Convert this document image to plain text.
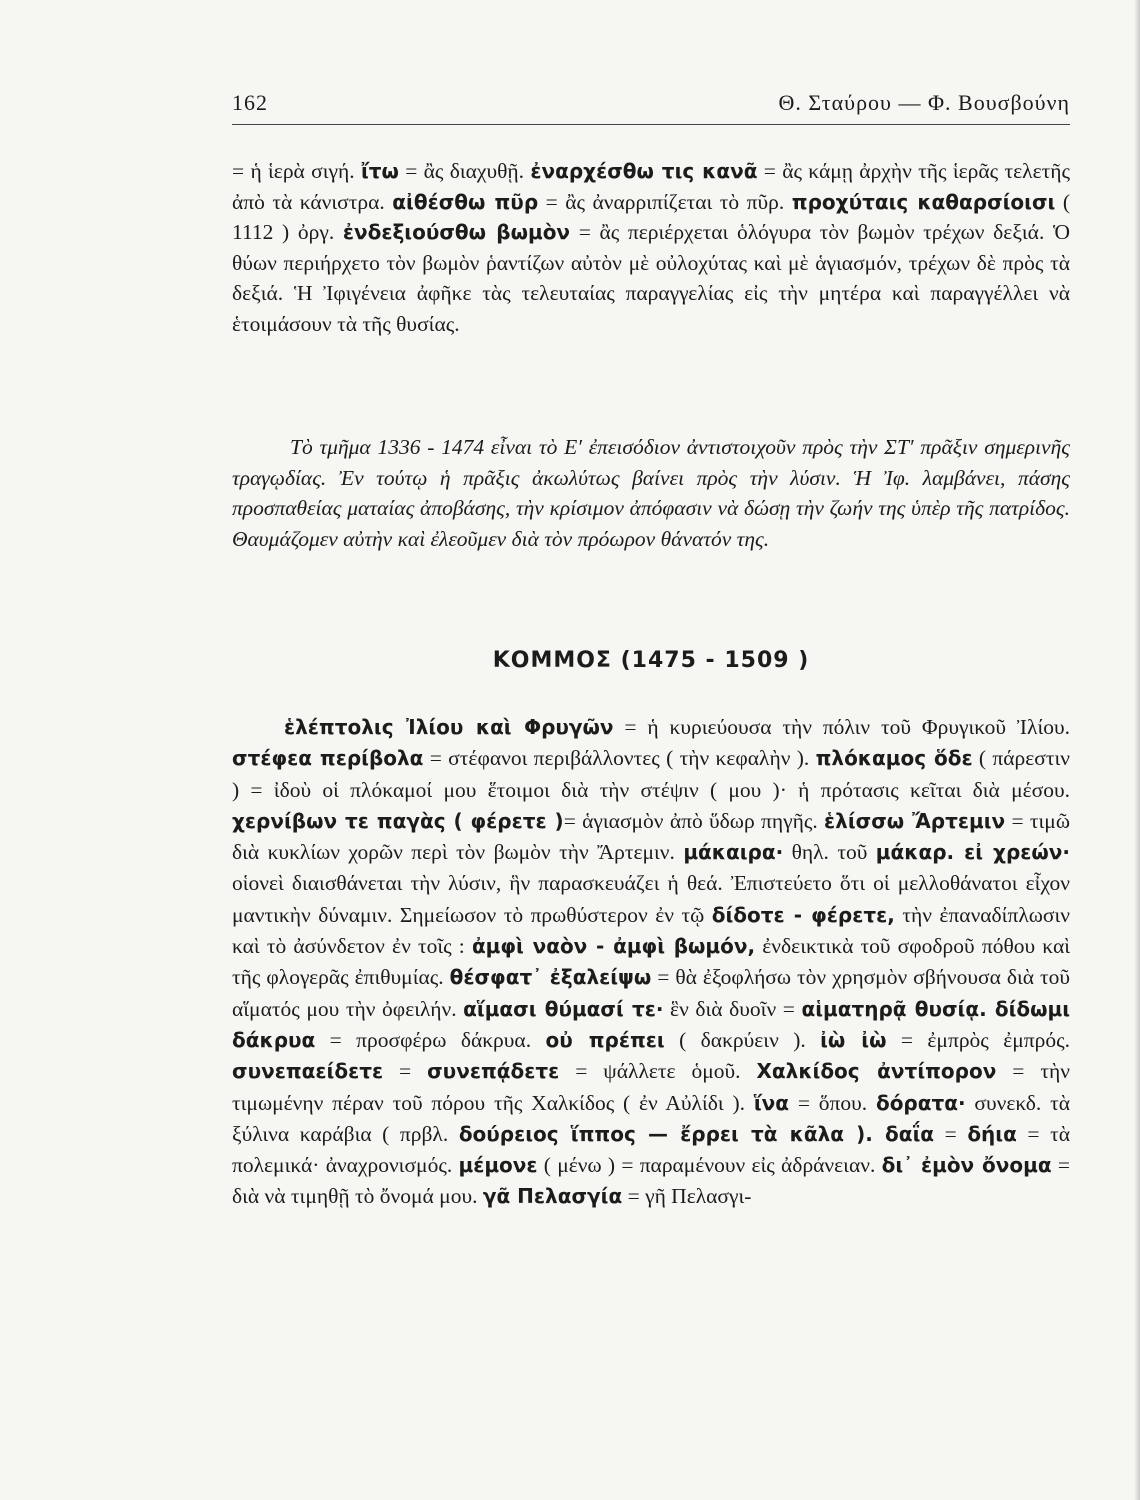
162	Θ. Σταύρου — Φ. Βουσβούνη

= ἡ ἱερὰ σιγή. ἴτω = ἂς διαχυθῇ. ἐναρχέσθω τις κανᾶ = ἂς κάμῃ ἀρχὴν τῆς ἱερᾶς τελετῆς ἀπὸ τὰ κάνιστρα. αἰθέσθω πῦρ = ἂς ἀναρριπίζεται τὸ πῦρ. προχύταις καθαρσίοισι ( 1112 ) ὀργ. ἐνδεξιούσθω βωμὸν = ἂς περιέρχεται ὁλόγυρα τὸν βωμὸν τρέχων δεξιά. Ὁ θύων περιήρχετο τὸν βωμὸν ῥαντίζων αὐτὸν μὲ οὐλοχύτας καὶ μὲ ἁγιασμόν, τρέχων δὲ πρὸς τὰ δεξιά. Ἡ Ἰφιγένεια ἀφῆκε τὰς τελευταίας παραγγελίας εἰς τὴν μητέρα καὶ παραγγέλλει νὰ ἑτοιμάσουν τὰ τῆς θυσίας.

Τὸ τμῆμα 1336 - 1474 εἶναι τὸ Ε′ ἐπεισόδιον ἀντιστοιχοῦν πρὸς τὴν ΣΤ′ πρᾶξιν σημερινῆς τραγῳδίας. Ἐν τούτῳ ἡ πρᾶξις ἀκωλύτως βαίνει πρὸς τὴν λύσιν. Ἡ Ἰφ. λαμβάνει, πάσης προσπαθείας ματαίας ἀποβάσης, τὴν κρίσιμον ἀπόφασιν νὰ δώσῃ τὴν ζωήν της ὑπὲρ τῆς πατρίδος. Θαυμάζομεν αὐτὴν καὶ ἐλεοῦμεν διὰ τὸν πρόωρον θάνατόν της.

ΚΟΜΜΟΣ (1475 - 1509 )

ἑλέπτολις Ἰλίου καὶ Φρυγῶν = ἡ κυριεύουσα τὴν πόλιν τοῦ Φρυγικοῦ Ἰλίου. στέφεα περίβολα = στέφανοι περιβάλλοντες ( τὴν κεφαλὴν ). πλόκαμος ὅδε ( πάρεστιν ) = ἰδοὺ οἱ πλόκαμοί μου ἕτοιμοι διὰ τὴν στέψιν ( μου )· ἡ πρότασις κεῖται διὰ μέσου. χερνίβων τε παγὰς ( φέρετε )= ἁγιασμὸν ἀπὸ ὕδωρ πηγῆς. ἑλίσσω Ἄρτεμιν = τιμῶ διὰ κυκλίων χορῶν περὶ τὸν βωμὸν τὴν Ἄρτεμιν. μάκαιρα· θηλ. τοῦ μάκαρ. εἰ χρεών· οἱονεὶ διαισθάνεται τὴν λύσιν, ἣν παρασκευάζει ἡ θεά. Ἐπιστεύετο ὅτι οἱ μελλοθάνατοι εἶχον μαντικὴν δύναμιν. Σημείωσον τὸ πρωθύστερον ἐν τῷ δίδοτε - φέρετε, τὴν ἐπαναδίπλωσιν καὶ τὸ ἀσύνδετον ἐν τοῖς : ἀμφὶ ναὸν - ἀμφὶ βωμόν, ἐνδεικτικὰ τοῦ σφοδροῦ πόθου καὶ τῆς φλογερᾶς ἐπιθυμίας. θέσφατ᾽ ἐξαλείψω = θὰ ἐξοφλήσω τὸν χρησμὸν σβήνουσα διὰ τοῦ αἵματός μου τὴν ὀφειλήν. αἵμασι θύμασί τε· ἓν διὰ δυοῖν = αἱματηρᾷ θυσίᾳ. δίδωμι δάκρυα = προσφέρω δάκρυα. οὐ πρέπει ( δακρύειν ). ἰὼ ἰὼ = ἐμπρὸς ἐμπρός. συνεπαείδετε = συνεπᾴδετε = ψάλλετε ὁμοῦ. Χαλκίδος ἀντίπορον = τὴν τιμωμένην πέραν τοῦ πόρου τῆς Χαλκίδος ( ἐν Αὐλίδι ). ἵνα = ὅπου. δόρατα· συνεκδ. τὰ ξύλινα καράβια ( πρβλ. δούρειος ἵππος — ἔρρει τὰ κᾶλα ). δαΐα = δήια = τὰ πολεμικά· ἀναχρονισμός. μέμονε ( μένω ) = παραμένουν εἰς ἀδράνειαν. δι᾽ ἐμὸν ὄνομα = διὰ νὰ τιμηθῇ τὸ ὄνομά μου. γᾶ Πελασγία = γῆ Πελασγι-
